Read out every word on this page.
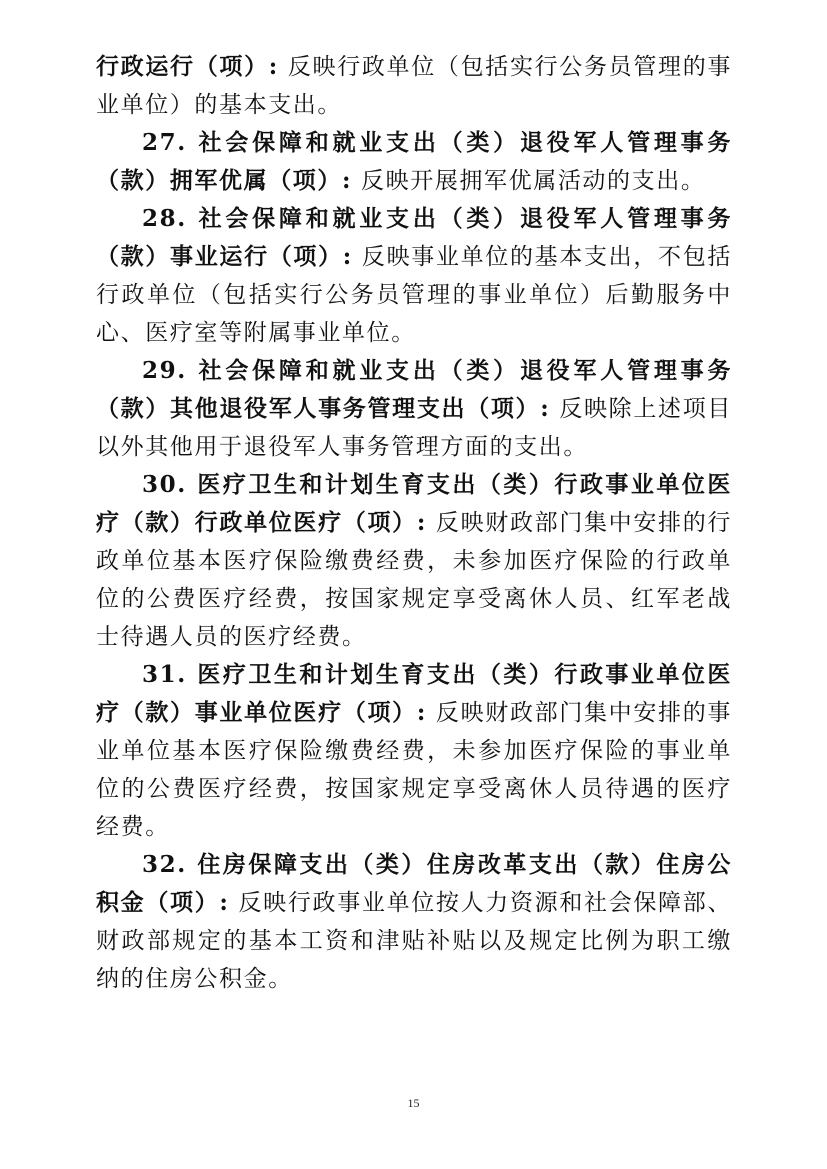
行政运行（项）: 反映行政单位（包括实行公务员管理的事业单位）的基本支出。

27. 社会保障和就业支出（类）退役军人管理事务（款）拥军优属（项）: 反映开展拥军优属活动的支出。

28. 社会保障和就业支出（类）退役军人管理事务（款）事业运行（项）: 反映事业单位的基本支出，不包括行政单位（包括实行公务员管理的事业单位）后勤服务中心、医疗室等附属事业单位。

29. 社会保障和就业支出（类）退役军人管理事务（款）其他退役军人事务管理支出（项）: 反映除上述项目以外其他用于退役军人事务管理方面的支出。

30. 医疗卫生和计划生育支出（类）行政事业单位医疗（款）行政单位医疗（项）: 反映财政部门集中安排的行政单位基本医疗保险缴费经费，未参加医疗保险的行政单位的公费医疗经费，按国家规定享受离休人员、红军老战士待遇人员的医疗经费。

31. 医疗卫生和计划生育支出（类）行政事业单位医疗（款）事业单位医疗（项）: 反映财政部门集中安排的事业单位基本医疗保险缴费经费，未参加医疗保险的事业单位的公费医疗经费，按国家规定享受离休人员待遇的医疗经费。

32. 住房保障支出（类）住房改革支出（款）住房公积金（项）: 反映行政事业单位按人力资源和社会保障部、财政部规定的基本工资和津贴补贴以及规定比例为职工缴纳的住房公积金。

15
